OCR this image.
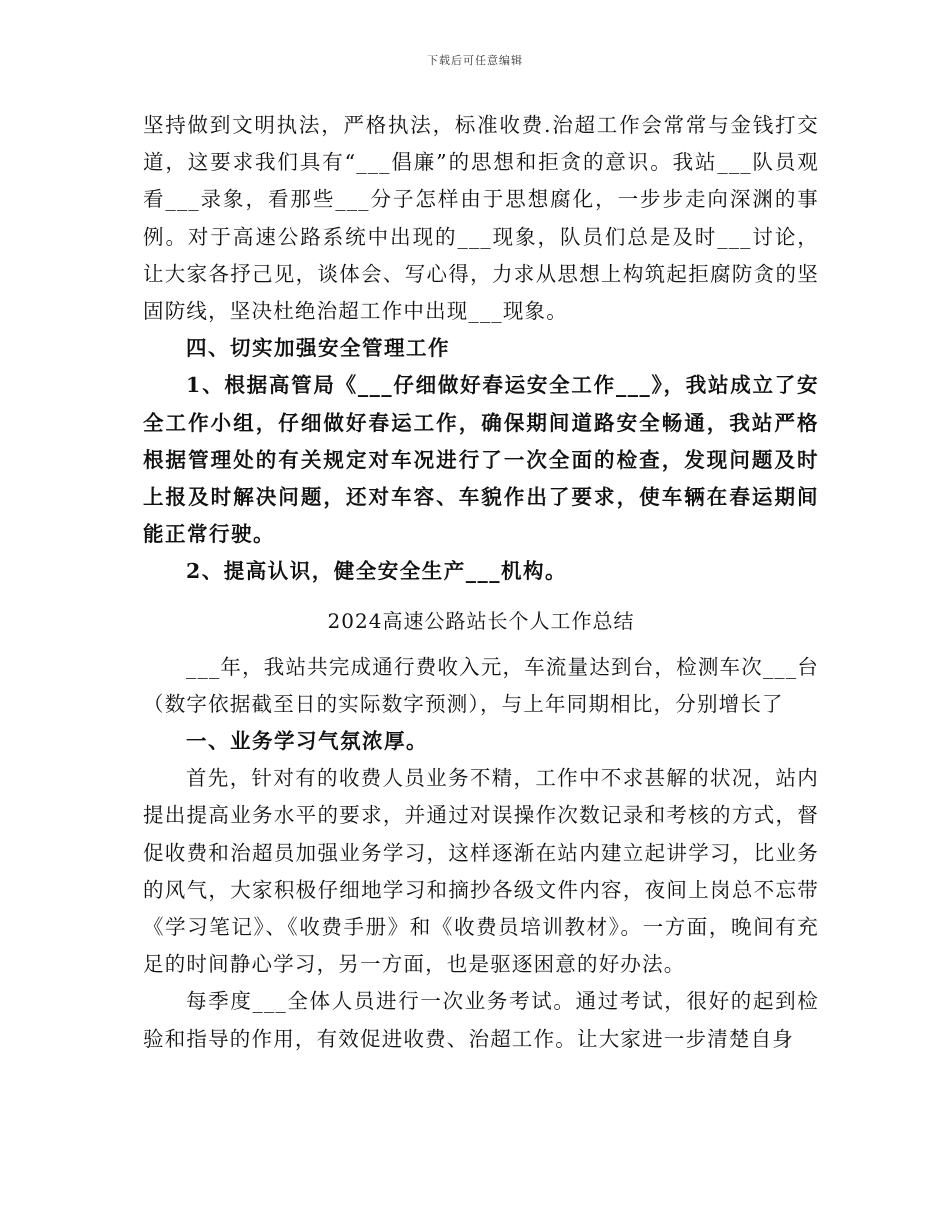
下载后可任意编辑

坚持做到文明执法，严格执法，标准收费.治超工作会常常与金钱打交道，这要求我们具有“___倡廉”的思想和拒贪的意识。我站___队员观看___录象，看那些___分子怎样由于思想腐化，一步步走向深渊的事例。对于高速公路系统中出现的___现象，队员们总是及时___讨论，让大家各抒己见，谈体会、写心得，力求从思想上构筑起拒腐防贪的坚固防线，坚决杜绝治超工作中出现___现象。

四、切实加强安全管理工作

1、根据高管局《___仔细做好春运安全工作___》，我站成立了安全工作小组，仔细做好春运工作，确保期间道路安全畅通，我站严格根据管理处的有关规定对车况进行了一次全面的检查，发现问题及时上报及时解决问题，还对车容、车貌作出了要求，使车辆在春运期间能正常行驶。

2、提高认识，健全安全生产___机构。

2024高速公路站长个人工作总结

___年，我站共完成通行费收入元，车流量达到台，检测车次___台（数字依据截至日的实际数字预测），与上年同期相比，分别增长了

一、业务学习气氛浓厚。

首先，针对有的收费人员业务不精，工作中不求甚解的状况，站内提出提高业务水平的要求，并通过对误操作次数记录和考核的方式，督促收费和治超员加强业务学习，这样逐渐在站内建立起讲学习，比业务的风气，大家积极仔细地学习和摘抄各级文件内容，夜间上岗总不忘带《学习笔记》、《收费手册》和《收费员培训教材》。一方面，晚间有充足的时间静心学习，另一方面，也是驱逐困意的好办法。

每季度___全体人员进行一次业务考试。通过考试，很好的起到检验和指导的作用，有效促进收费、治超工作。让大家进一步清楚自身
